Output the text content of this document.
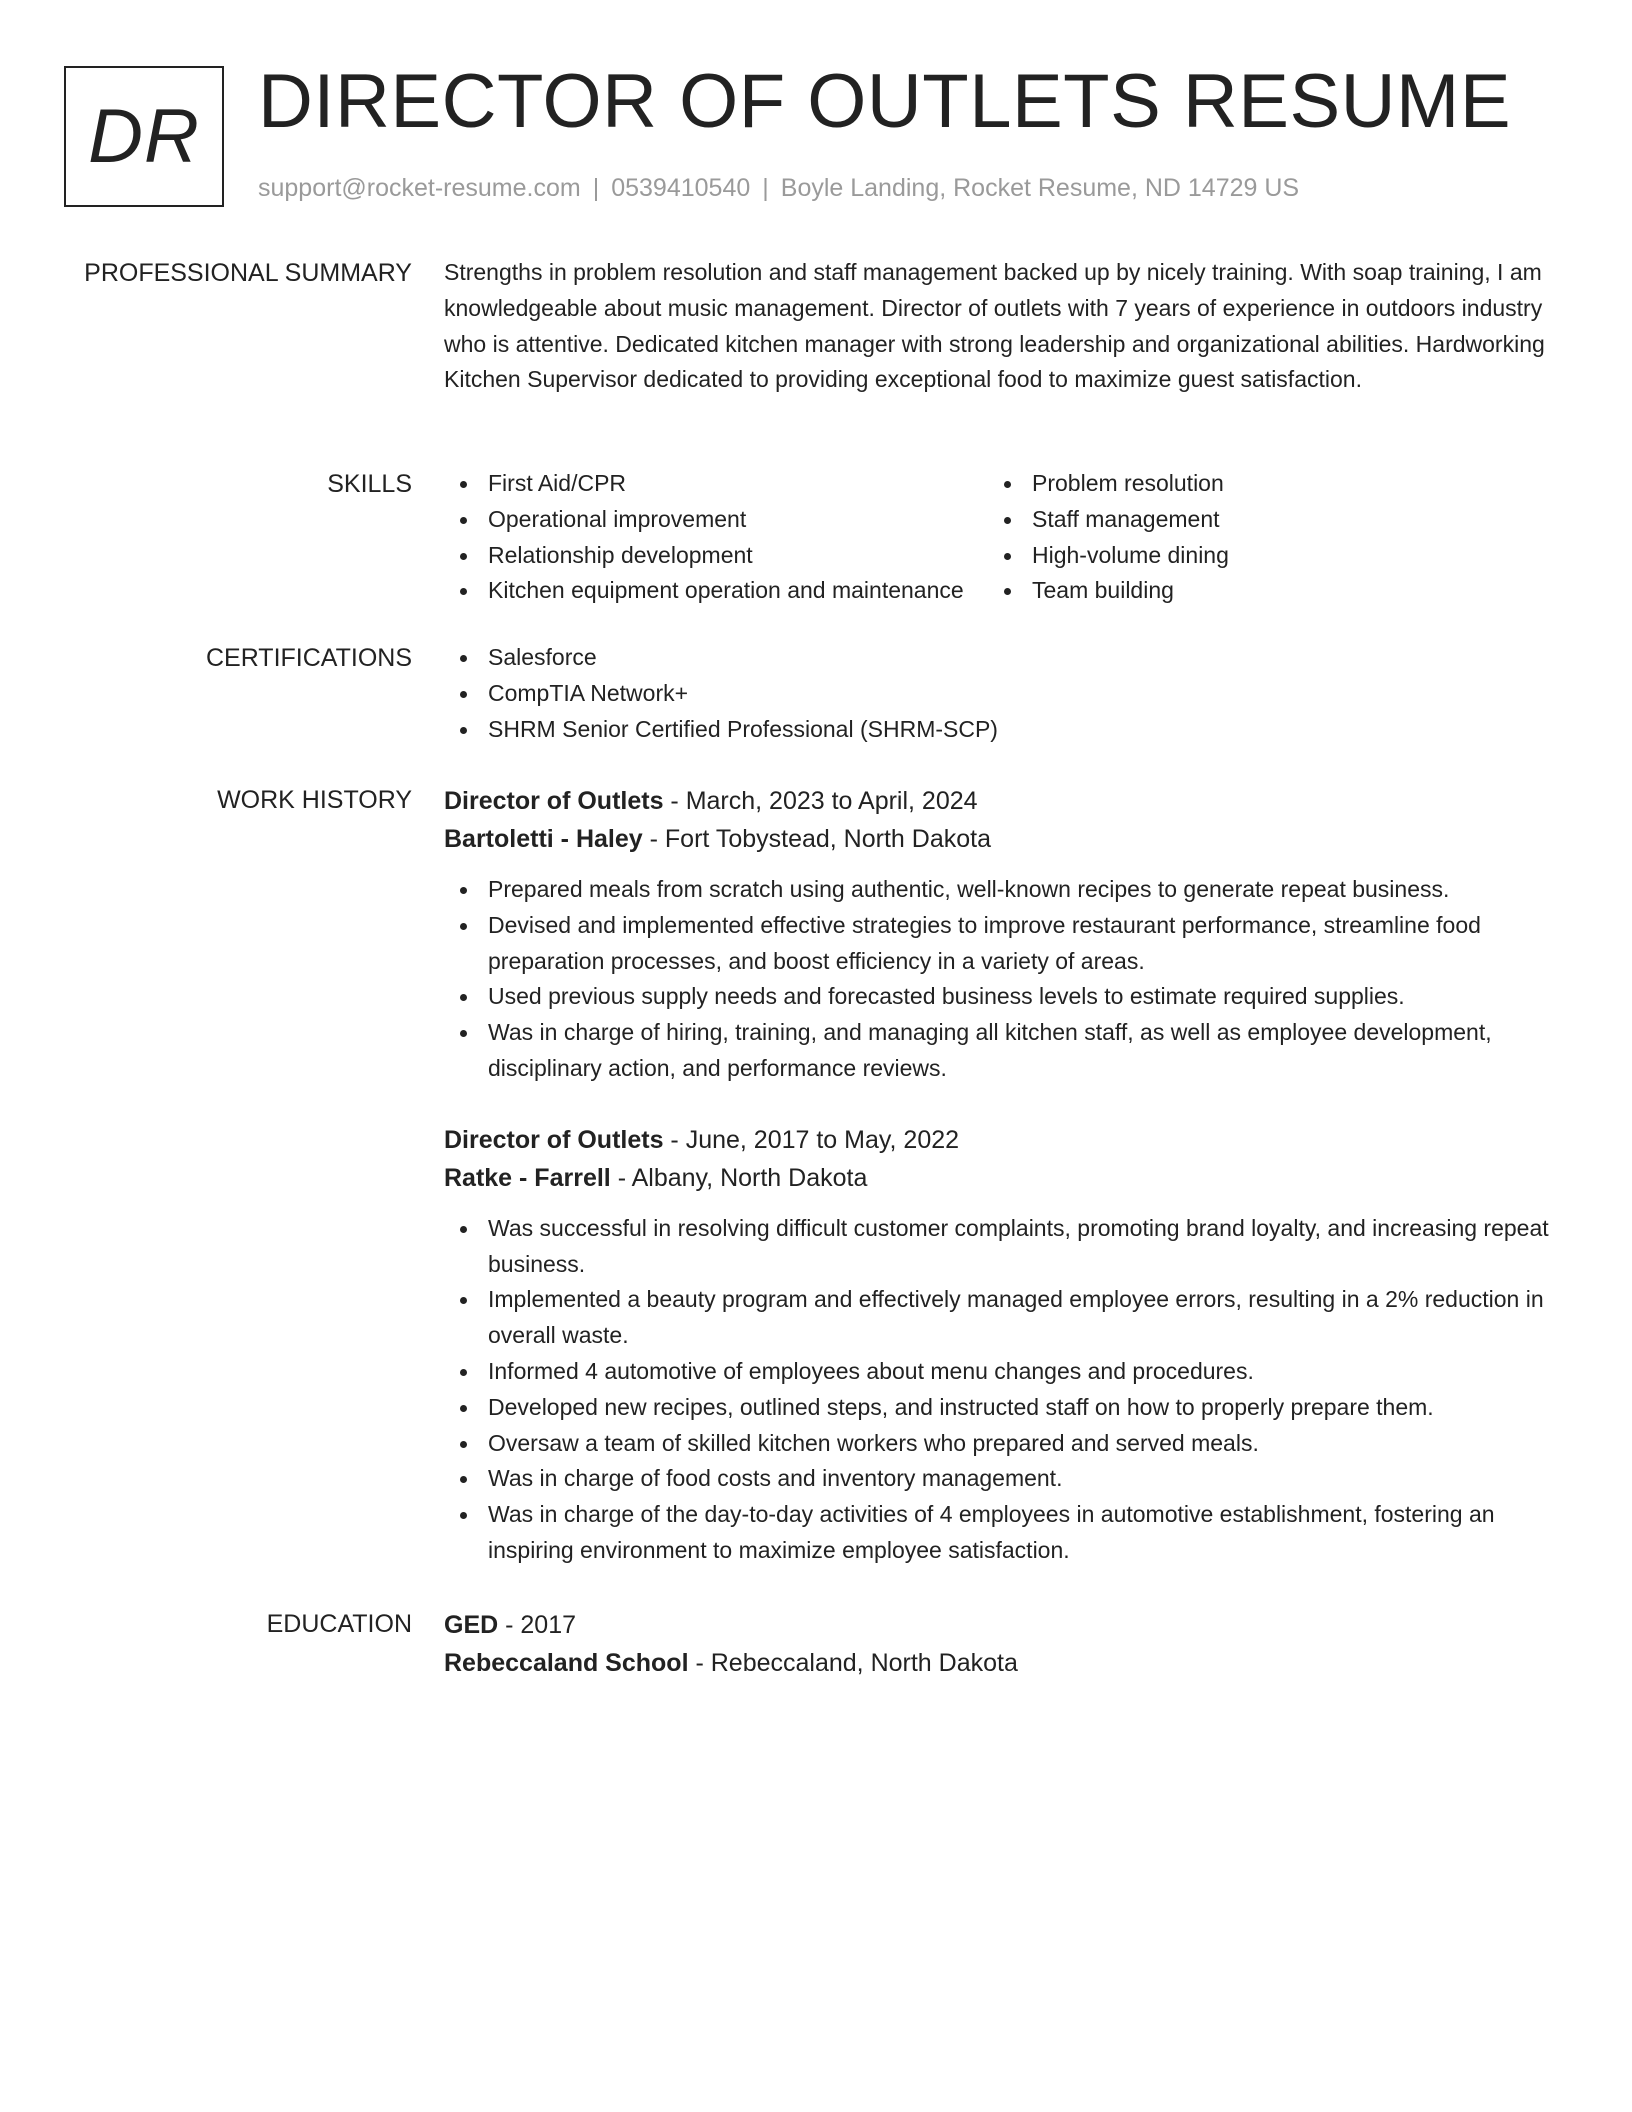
DR DIRECTOR OF OUTLETS RESUME
support@rocket-resume.com | 0539410540 | Boyle Landing, Rocket Resume, ND 14729 US
PROFESSIONAL SUMMARY Strengths in problem resolution and staff management backed up by nicely training. With soap training, I am knowledgeable about music management. Director of outlets with 7 years of experience in outdoors industry who is attentive. Dedicated kitchen manager with strong leadership and organizational abilities. Hardworking Kitchen Supervisor dedicated to providing exceptional food to maximize guest satisfaction.

SKILLS	First Aid/CPR	Problem resolution
Operational improvement	Staff management
Relationship development	High-volume dining
Kitchen equipment operation and maintenance	Team building
CERTIFICATIONS	Salesforce
CompTIA Network+
SHRM Senior Certified Professional (SHRM-SCP)
WORK HISTORY Director of Outlets - March, 2023 to April, 2024
Bartoletti - Haley - Fort Tobystead, North Dakota
Prepared meals from scratch using authentic, well-known recipes to generate repeat business.
Devised and implemented effective strategies to improve restaurant performance, streamline food preparation processes, and boost efficiency in a variety of areas.
Used previous supply needs and forecasted business levels to estimate required supplies.
Was in charge of hiring, training, and managing all kitchen staff, as well as employee development, disciplinary action, and performance reviews.
Director of Outlets - June, 2017 to May, 2022
Ratke - Farrell - Albany, North Dakota
Was successful in resolving difficult customer complaints, promoting brand loyalty, and increasing repeat business.
Implemented a beauty program and effectively managed employee errors, resulting in a 2% reduction in overall waste.
Informed 4 automotive of employees about menu changes and procedures.
Developed new recipes, outlined steps, and instructed staff on how to properly prepare them.
Oversaw a team of skilled kitchen workers who prepared and served meals.
Was in charge of food costs and inventory management.
Was in charge of the day-to-day activities of 4 employees in automotive establishment, fostering an inspiring environment to maximize employee satisfaction.
EDUCATION GED - 2017
Rebeccaland School - Rebeccaland, North Dakota
